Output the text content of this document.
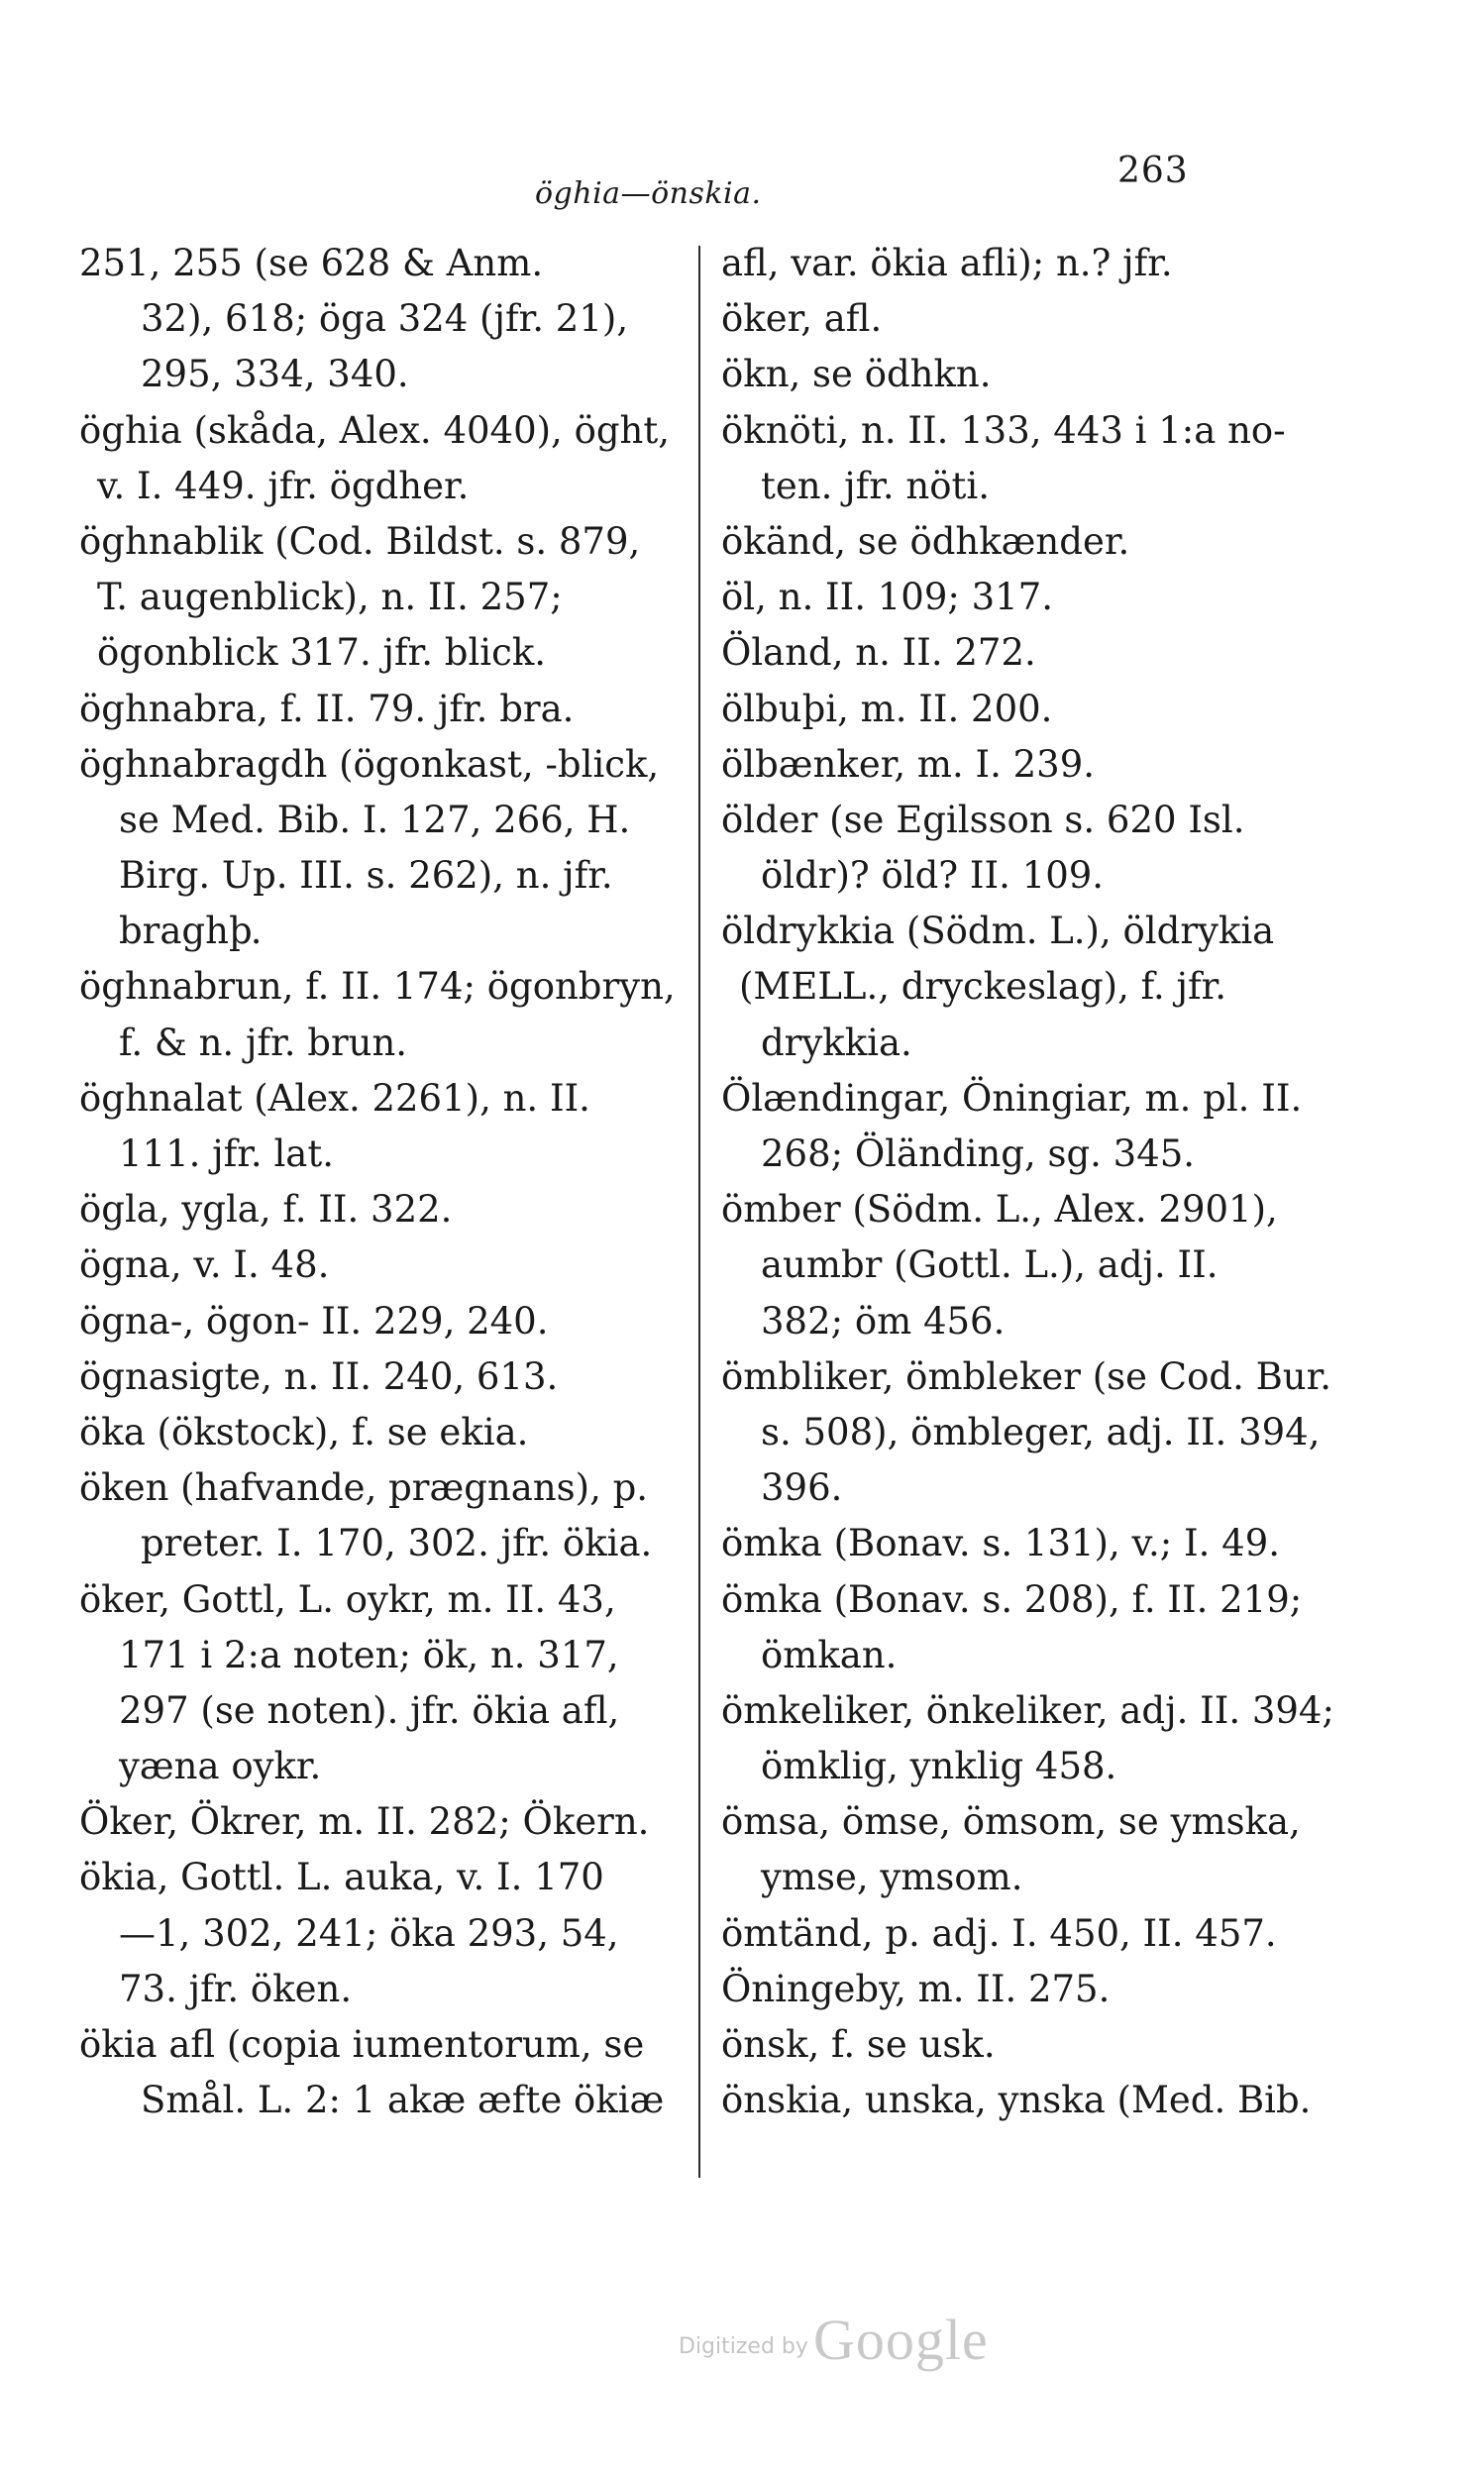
öghia—önskia.
263
251, 255 (se 628 & Anm.
32), 618; öga 324 (jfr. 21),
295, 334, 340.
öghia (skåda, Alex. 4040), öght,
v. I. 449. jfr. ögdher.
öghnablik (Cod. Bildst. s. 879,
T. augenblick), n. II. 257;
ögonblick 317. jfr. blick.
öghnabra, f. II. 79. jfr. bra.
öghnabragdh (ögonkast, -blick,
se Med. Bib. I. 127, 266, H.
Birg. Up. III. s. 262), n. jfr.
braghþ.
öghnabrun, f. II. 174; ögonbryn,
f. & n. jfr. brun.
öghnalat (Alex. 2261), n. II.
111. jfr. lat.
ögla, ygla, f. II. 322.
ögna, v. I. 48.
ögna-, ögon- II. 229, 240.
ögnasigte, n. II. 240, 613.
öka (ökstock), f. se ekia.
öken (hafvande, prægnans), p.
preter. I. 170, 302. jfr. ökia.
öker, Gottl, L. oykr, m. II. 43,
171 i 2:a noten; ök, n. 317,
297 (se noten). jfr. ökia afl,
yæna oykr.
Öker, Ökrer, m. II. 282; Ökern.
ökia, Gottl. L. auka, v. I. 170
—1, 302, 241; öka 293, 54,
73. jfr. öken.
ökia afl (copia iumentorum, se
Smål. L. 2: 1 akæ æfte ökiæ
afl, var. ökia afli); n.? jfr.
öker, afl.
ökn, se ödhkn.
öknöti, n. II. 133, 443 i 1:a no-
ten. jfr. nöti.
ökänd, se ödhkænder.
öl, n. II. 109; 317.
Öland, n. II. 272.
ölbuþi, m. II. 200.
ölbænker, m. I. 239.
ölder (se Egilsson s. 620 Isl.
öldr)? öld? II. 109.
öldrykkia (Södm. L.), öldrykia
(MELL., dryckeslag), f. jfr.
drykkia.
Ölændingar, Öningiar, m. pl. II.
268; Öländing, sg. 345.
ömber (Södm. L., Alex. 2901),
aumbr (Gottl. L.), adj. II.
382; öm 456.
ömbliker, ömbleker (se Cod. Bur.
s. 508), ömbleger, adj. II. 394,
396.
ömka (Bonav. s. 131), v.; I. 49.
ömka (Bonav. s. 208), f. II. 219;
ömkan.
ömkeliker, önkeliker, adj. II. 394;
ömklig, ynklig 458.
ömsa, ömse, ömsom, se ymska,
ymse, ymsom.
ömtänd, p. adj. I. 450, II. 457.
Öningeby, m. II. 275.
önsk, f. se usk.
önskia, unska, ynska (Med. Bib.
Digitized by Google
